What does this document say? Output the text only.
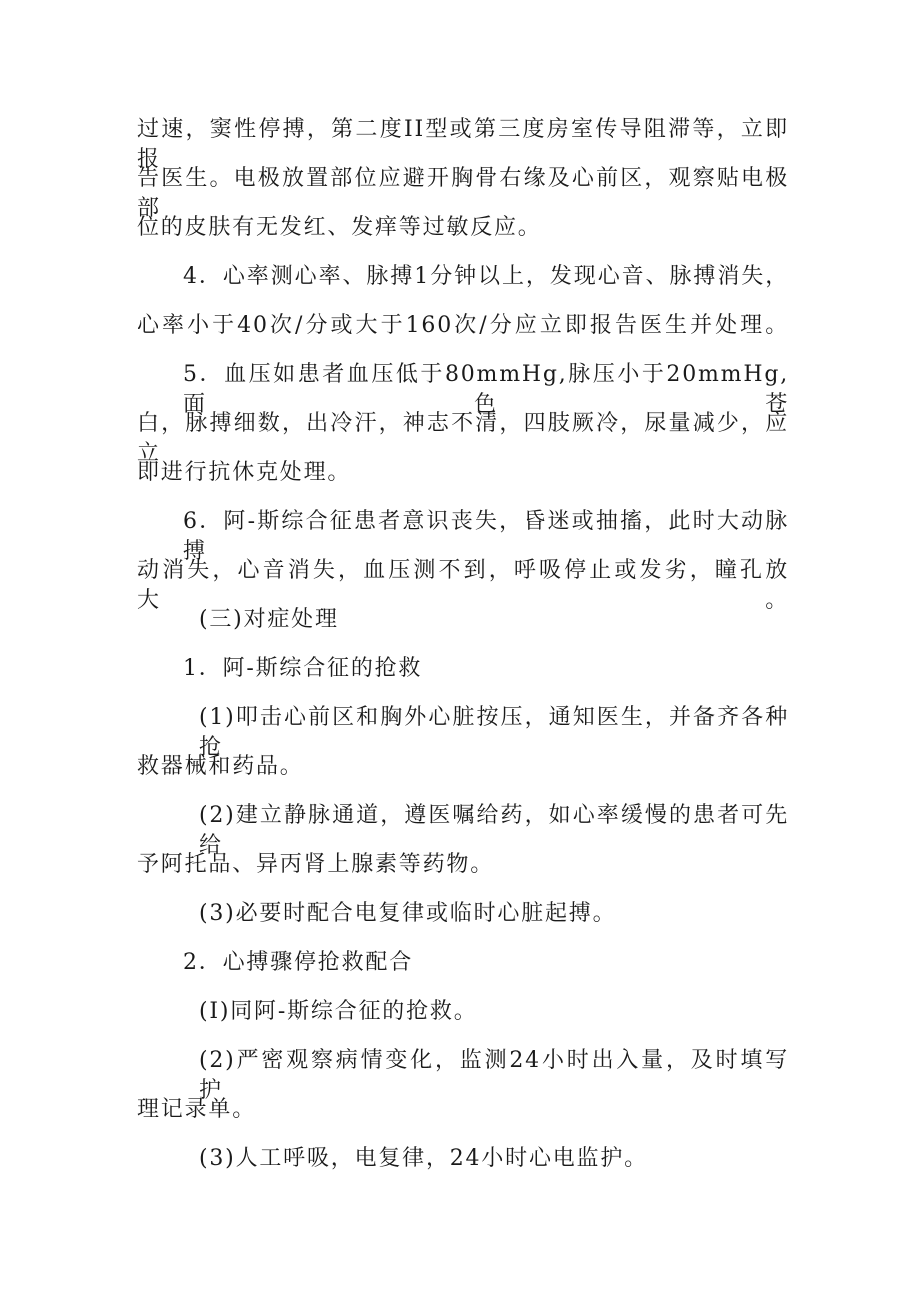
过速，窦性停搏，第二度II型或第三度房室传导阻滞等，立即报
告医生。电极放置部位应避开胸骨右缘及心前区，观察贴电极部
位的皮肤有无发红、发痒等过敏反应。
4．心率测心率、脉搏1分钟以上，发现心音、脉搏消失，
心率小于40次/分或大于160次/分应立即报告医生并处理。
5．血压如患者血压低于80mmHg,脉压小于20mmHg,面色苍
白，脉搏细数，出冷汗，神志不清，四肢厥冷，尿量减少，应立
即进行抗休克处理。
6．阿-斯综合征患者意识丧失，昏迷或抽搐，此时大动脉搏
动消失，心音消失，血压测不到，呼吸停止或发劣，瞳孔放大。
(三)对症处理
1．阿-斯综合征的抢救
(1)叩击心前区和胸外心脏按压，通知医生，并备齐各种抢
救器械和药品。
(2)建立静脉通道，遵医嘱给药，如心率缓慢的患者可先给
予阿托品、异丙肾上腺素等药物。
(3)必要时配合电复律或临时心脏起搏。
2．心搏骤停抢救配合
(I)同阿-斯综合征的抢救。
(2)严密观察病情变化，监测24小时出入量，及时填写护
理记录单。
(3)人工呼吸，电复律，24小时心电监护。
